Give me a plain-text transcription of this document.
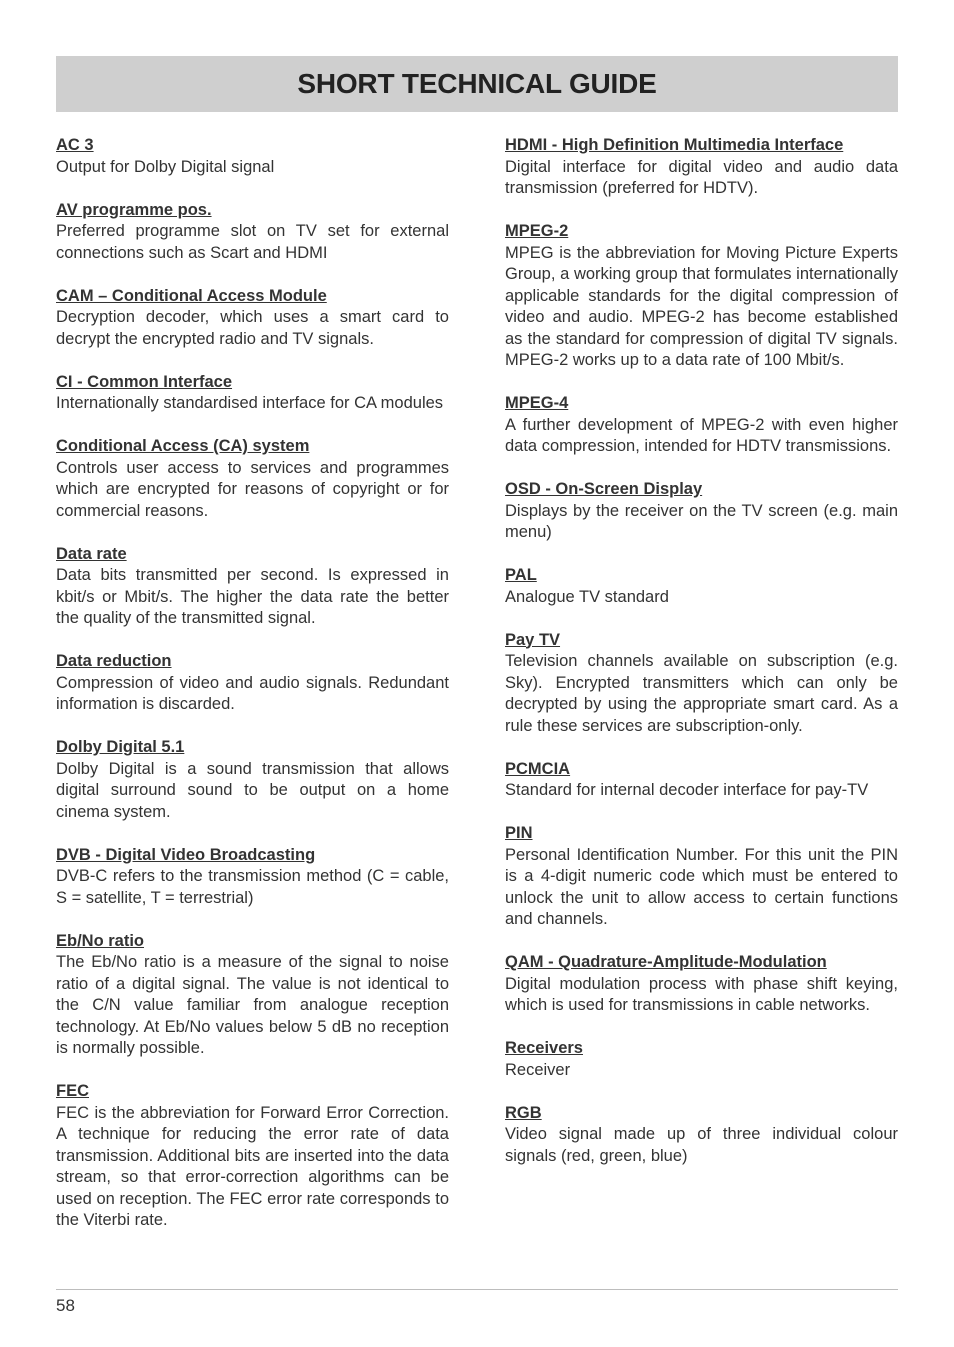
SHORT TECHNICAL GUIDE
AC 3
Output for Dolby Digital signal
AV programme pos.
Preferred programme slot on TV set for external connections such as Scart and HDMI
CAM – Conditional Access Module
Decryption decoder, which uses a smart card to decrypt the encrypted radio and TV signals.
CI - Common Interface
Internationally standardised interface for CA modules
Conditional Access (CA) system
Controls user access to services and programmes which are encrypted for reasons of copyright or for commercial reasons.
Data rate
Data bits transmitted per second. Is expressed in kbit/s or Mbit/s. The higher the data rate the better the quality of the transmitted signal.
Data reduction
Compression of video and audio signals. Redundant information is discarded.
Dolby Digital 5.1
Dolby Digital is a sound transmission that allows digital surround sound to be output on a home cinema system.
DVB - Digital Video Broadcasting
DVB-C refers to the transmission method (C = cable, S = satellite, T = terrestrial)
Eb/No ratio
The Eb/No ratio is a measure of the signal to noise ratio of a digital signal. The value is not identical to the C/N value familiar from analogue reception technology. At Eb/No values below 5 dB no reception is normally possible.
FEC
FEC is the abbreviation for Forward Error Correction. A technique for reducing the error rate of data transmission. Additional bits are inserted into the data stream, so that error-correction algorithms can be used on reception. The FEC error rate corresponds to the Viterbi rate.
HDMI - High Definition Multimedia Interface
Digital interface for digital video and audio data transmission (preferred for HDTV).
MPEG-2
MPEG is the abbreviation for Moving Picture Experts Group, a working group that formulates internationally applicable standards for the digital compression of video and audio. MPEG-2 has become established as the standard for compression of digital TV signals. MPEG-2 works up to a data rate of 100 Mbit/s.
MPEG-4
A further development of MPEG-2 with even higher data compression, intended for HDTV transmissions.
OSD - On-Screen Display
Displays by the receiver on the TV screen (e.g. main menu)
PAL
Analogue TV standard
Pay TV
Television channels available on subscription (e.g. Sky). Encrypted transmitters which can only be decrypted by using the appropriate smart card. As a rule these services are subscription-only.
PCMCIA
Standard for internal decoder interface for pay-TV
PIN
Personal Identification Number. For this unit the PIN is a 4-digit numeric code which must be entered to unlock the unit to allow access to certain functions and channels.
QAM - Quadrature-Amplitude-Modulation
Digital modulation process with phase shift keying, which is used for transmissions in cable networks.
Receivers
Receiver
RGB
Video signal made up of three individual colour signals (red, green, blue)
58
